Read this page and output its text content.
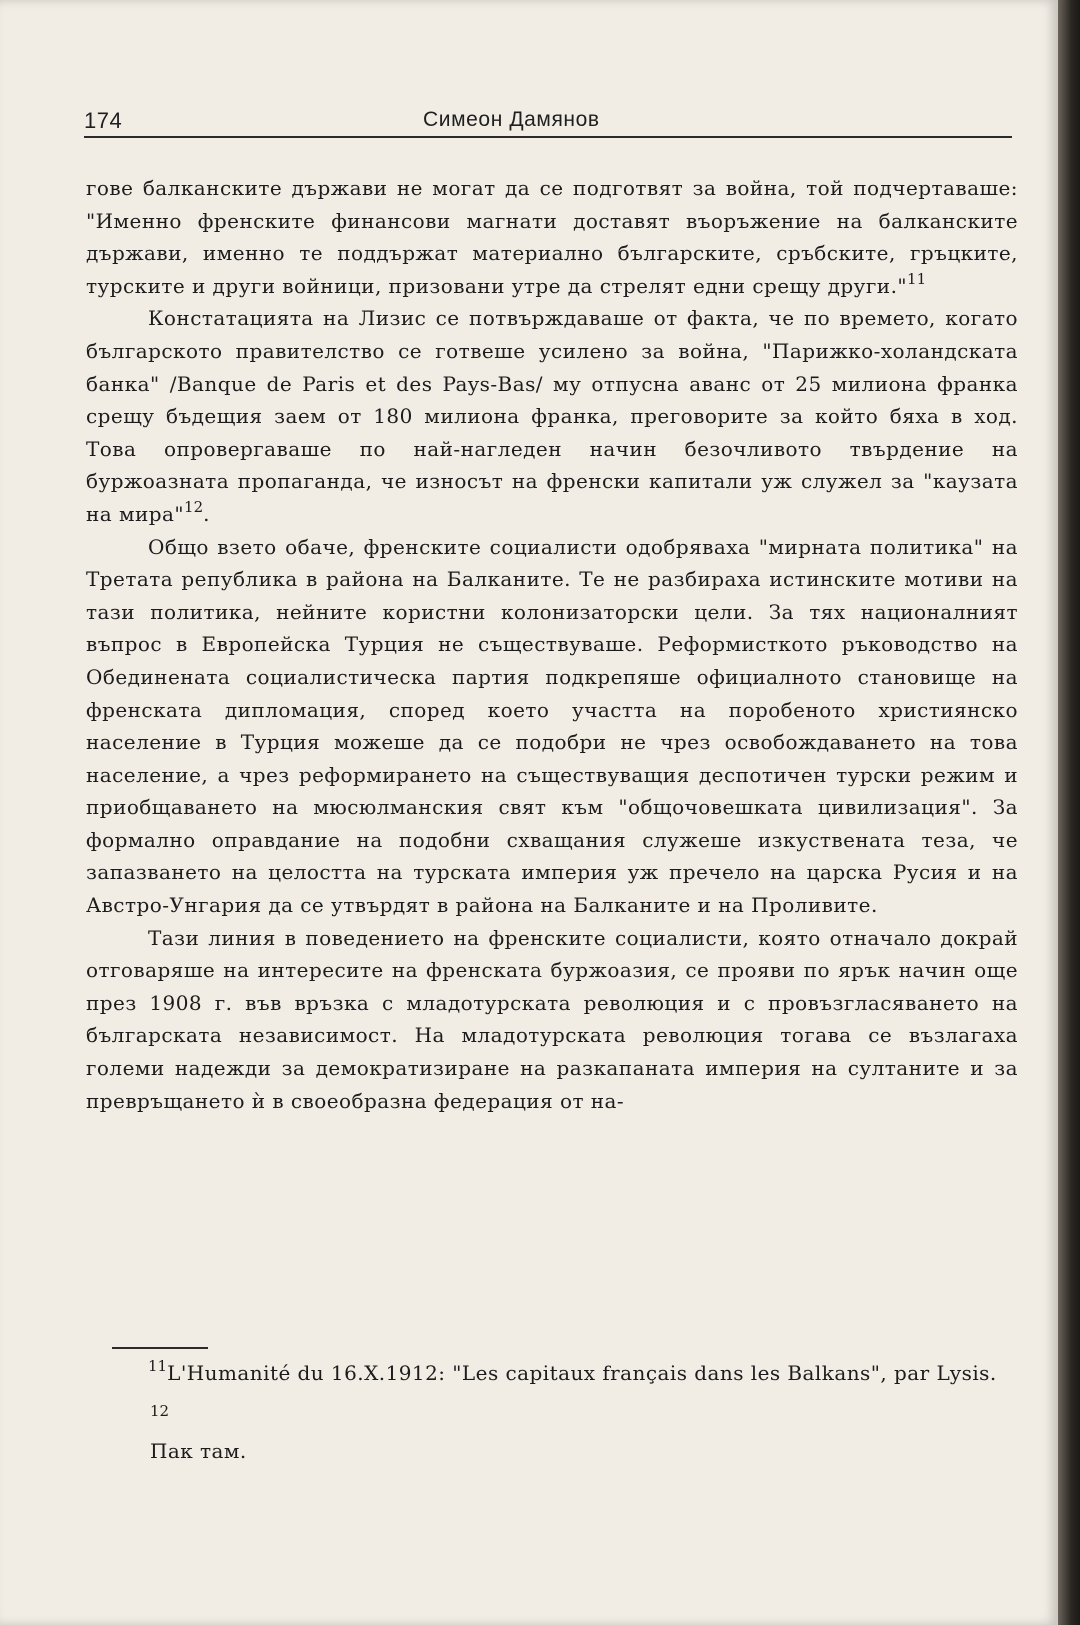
174	Симеон Дамянов

гове балканските държави не могат да се подготвят за война, той подчертаваше: "Именно френските финансови магнати доставят въоръжение на балканските държави, именно те поддържат материално българските, сръбските, гръцките, турските и други войници, призовани утре да стрелят едни срещу други."$^{11}$

Констатацията на Лизис се потвърждаваше от факта, че по времето, когато българското правителство се готвеше усилено за война, "Парижко-холандската банка" /Banque de Paris et des Pays-Bas/ му отпусна аванс от 25 милиона франка срещу бъдещия заем от 180 милиона франка, преговорите за който бяха в ход. Това опровергаваше по най-нагледен начин безочливото твърдение на буржоазната пропаганда, че износът на френски капитали уж служел за "каузата на мира"$^{12}$.

Общо взето обаче, френските социалисти одобряваха "мирната политика" на Третата република в района на Балканите. Те не разбираха истинските мотиви на тази политика, нейните користни колонизаторски цели. За тях националният въпрос в Европейска Турция не съществуваше. Реформисткото ръководство на Обединената социалистическа партия подкрепяше официалното становище на френската дипломация, според което участта на поробеното християнско население в Турция можеше да се подобри не чрез освобождаването на това население, а чрез реформирането на съществуващия деспотичен турски режим и приобщаването на мюсюлманския свят към "общочовешката цивилизация". За формално оправдание на подобни схващания служеше изкуствената теза, че запазването на целостта на турската империя уж пречело на царска Русия и на Австро-Унгария да се утвърдят в района на Балканите и на Проливите.

Тази линия в поведението на френските социалисти, която отначало докрай отговаряше на интересите на френската буржоазия, се прояви по ярък начин още през 1908 г. във връзка с младотурската революция и с провъзгласяването на българската независимост. На младотурската революция тогава се възлагаха големи надежди за демократизиране на разкапаната империя на султаните и за превръщането ѝ в своеобразна федерация от на-

$^{11}$L'Humanité du 16.X.1912: "Les capitaux français dans les Balkans", par Lysis.

$^{12}$
Пак там.
